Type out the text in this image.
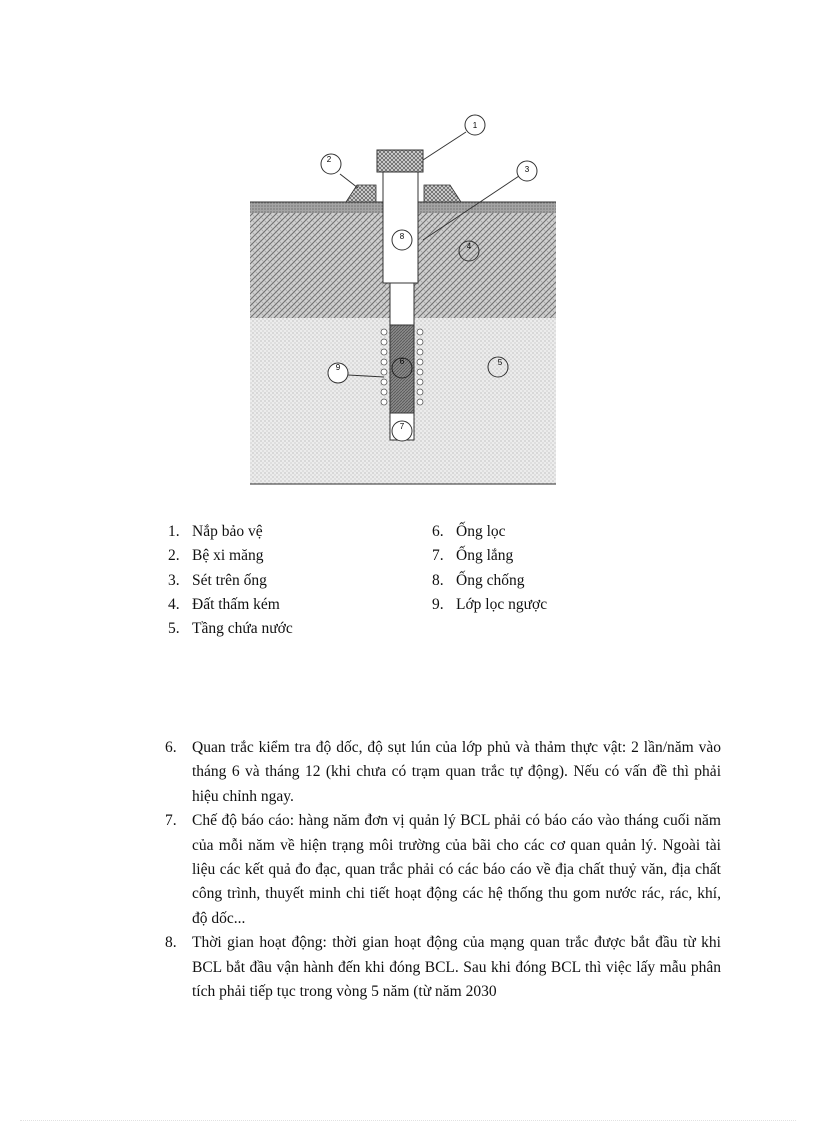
1
2
3
4
5
6
7
8
9
1. Nắp bảo vệ
2. Bệ xi măng
3. Sét trên ống
4. Đất thấm kém
5. Tầng chứa nước
6. Ống lọc
7. Ống lắng
8. Ống chống
9. Lớp lọc ngược
6. Quan trắc kiểm tra độ dốc, độ sụt lún của lớp phủ và thảm thực vật: 2 lần/năm vào tháng 6 và tháng 12 (khi chưa có trạm quan trắc tự động). Nếu có vấn đề thì phải hiệu chỉnh ngay.
7. Chế độ báo cáo: hàng năm đơn vị quản lý BCL phải có báo cáo vào tháng cuối năm của mỗi năm về hiện trạng môi trường của bãi cho các cơ quan quản lý. Ngoài tài liệu các kết quả đo đạc, quan trắc phải có các báo cáo về địa chất thuỷ văn, địa chất công trình, thuyết minh chi tiết hoạt động các hệ thống thu gom nước rác, rác, khí, độ dốc...
8. Thời gian hoạt động: thời gian hoạt động của mạng quan trắc được bắt đầu từ khi BCL bắt đầu vận hành đến khi đóng BCL. Sau khi đóng BCL thì việc lấy mẫu phân tích phải tiếp tục trong vòng 5 năm (từ năm 2030
